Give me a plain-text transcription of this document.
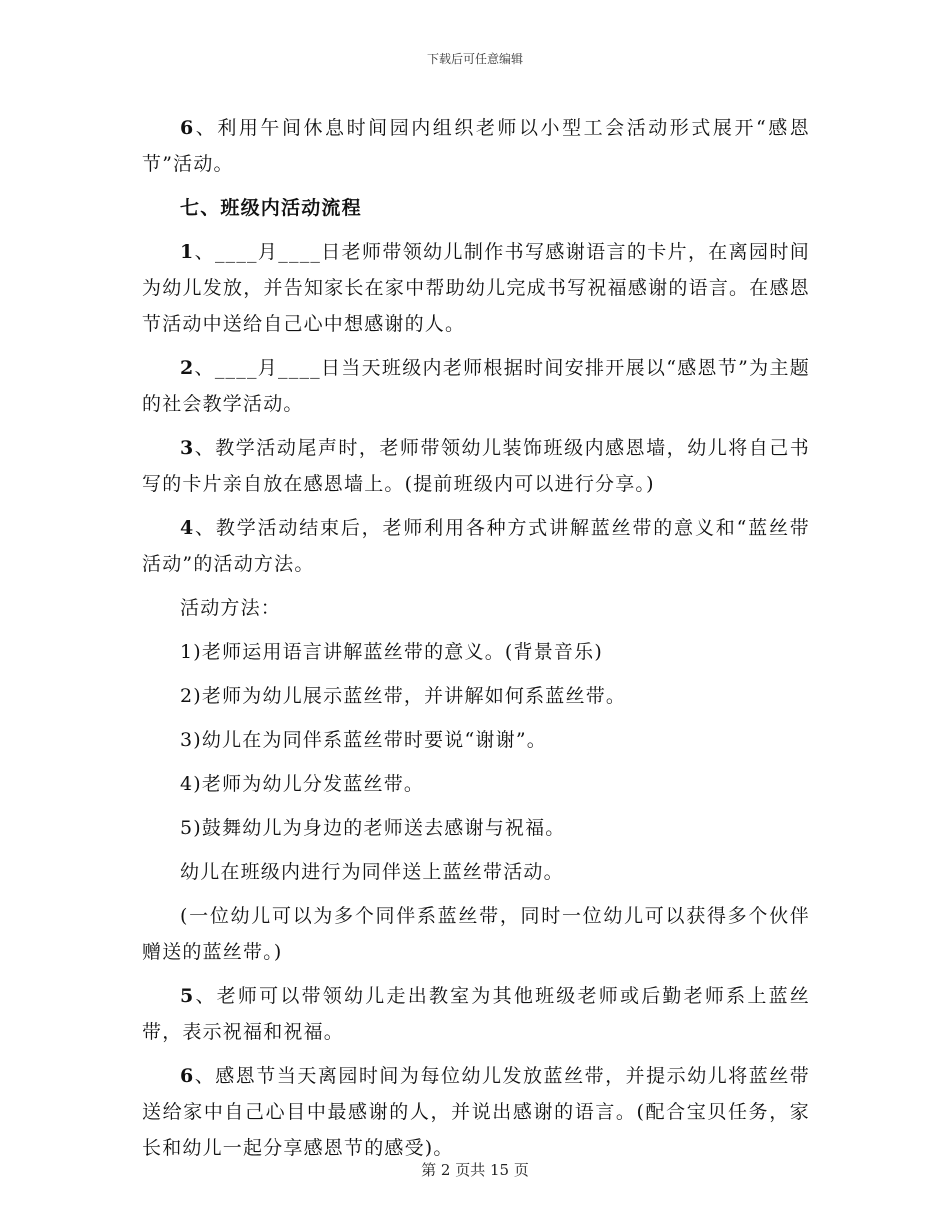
下载后可任意编辑

6、利用午间休息时间园内组织老师以小型工会活动形式展开“感恩节”活动。

七、班级内活动流程

1、____月____日老师带领幼儿制作书写感谢语言的卡片，在离园时间为幼儿发放，并告知家长在家中帮助幼儿完成书写祝福感谢的语言。在感恩节活动中送给自己心中想感谢的人。

2、____月____日当天班级内老师根据时间安排开展以“感恩节”为主题的社会教学活动。

3、教学活动尾声时，老师带领幼儿装饰班级内感恩墙，幼儿将自己书写的卡片亲自放在感恩墙上。(提前班级内可以进行分享。)

4、教学活动结束后，老师利用各种方式讲解蓝丝带的意义和“蓝丝带活动”的活动方法。

活动方法：

1)老师运用语言讲解蓝丝带的意义。(背景音乐)

2)老师为幼儿展示蓝丝带，并讲解如何系蓝丝带。

3)幼儿在为同伴系蓝丝带时要说“谢谢”。

4)老师为幼儿分发蓝丝带。

5)鼓舞幼儿为身边的老师送去感谢与祝福。

幼儿在班级内进行为同伴送上蓝丝带活动。

(一位幼儿可以为多个同伴系蓝丝带，同时一位幼儿可以获得多个伙伴赠送的蓝丝带。)

5、老师可以带领幼儿走出教室为其他班级老师或后勤老师系上蓝丝带，表示祝福和祝福。

6、感恩节当天离园时间为每位幼儿发放蓝丝带，并提示幼儿将蓝丝带送给家中自己心目中最感谢的人，并说出感谢的语言。(配合宝贝任务，家长和幼儿一起分享感恩节的感受)。

第 2 页共 15 页
